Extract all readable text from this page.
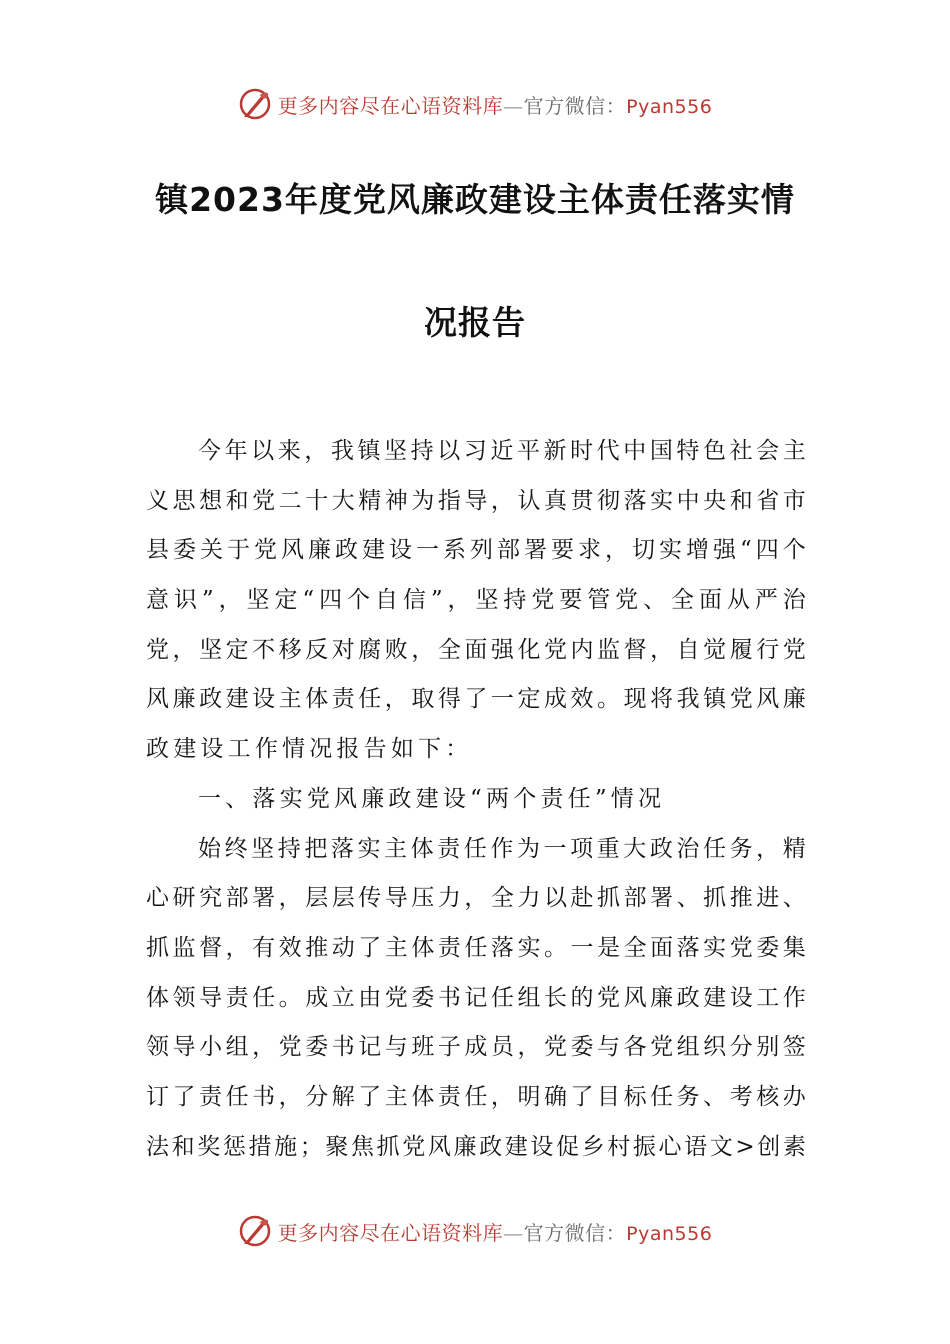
更多内容尽在心语资料库—官方微信：Pyan556
镇2023年度党风廉政建设主体责任落实情
况报告
今 年 以 来 ， 我 镇 坚 持 以 习 近 平 新 时 代 中 国 特 色 社 会 主
义 思 想 和 党 二 十 大 精 神 为 指 导 ， 认 真 贯 彻 落 实 中 央 和 省 市
县 委 关 于 党 风 廉 政 建 设 一 系 列 部 署 要 求 ， 切 实 增 强 “ 四 个
意 识 ” ， 坚 定 “ 四 个 自 信 ” ， 坚 持 党 要 管 党 、 全 面 从 严 治
党 ， 坚 定 不 移 反 对 腐 败 ， 全 面 强 化 党 内 监 督 ， 自 觉 履 行 党
风 廉 政 建 设 主 体 责 任 ， 取 得 了 一 定 成 效 。 现 将 我 镇 党 风 廉
政 建 设 工 作 情 况 报 告 如 下 ：
一 、 落 实 党 风 廉 政 建 设 “ 两 个 责 任 ” 情 况
始 终 坚 持 把 落 实 主 体 责 任 作 为 一 项 重 大 政 治 任 务 ， 精
心 研 究 部 署 ， 层 层 传 导 压 力 ， 全 力 以 赴 抓 部 署 、 抓 推 进 、
抓 监 督 ， 有 效 推 动 了 主 体 责 任 落 实 。 一 是 全 面 落 实 党 委 集
体 领 导 责 任 。 成 立 由 党 委 书 记 任 组 长 的 党 风 廉 政 建 设 工 作
领 导 小 组 ， 党 委 书 记 与 班 子 成 员 ， 党 委 与 各 党 组 织 分 别 签
订 了 责 任 书 ， 分 解 了 主 体 责 任 ， 明 确 了 目 标 任 务 、 考 核 办
法 和 奖 惩 措 施 ； 聚 焦 抓 党 风 廉 政 建 设 促 乡 村 振 心 语 文 > 创 素
更多内容尽在心语资料库—官方微信：Pyan556
